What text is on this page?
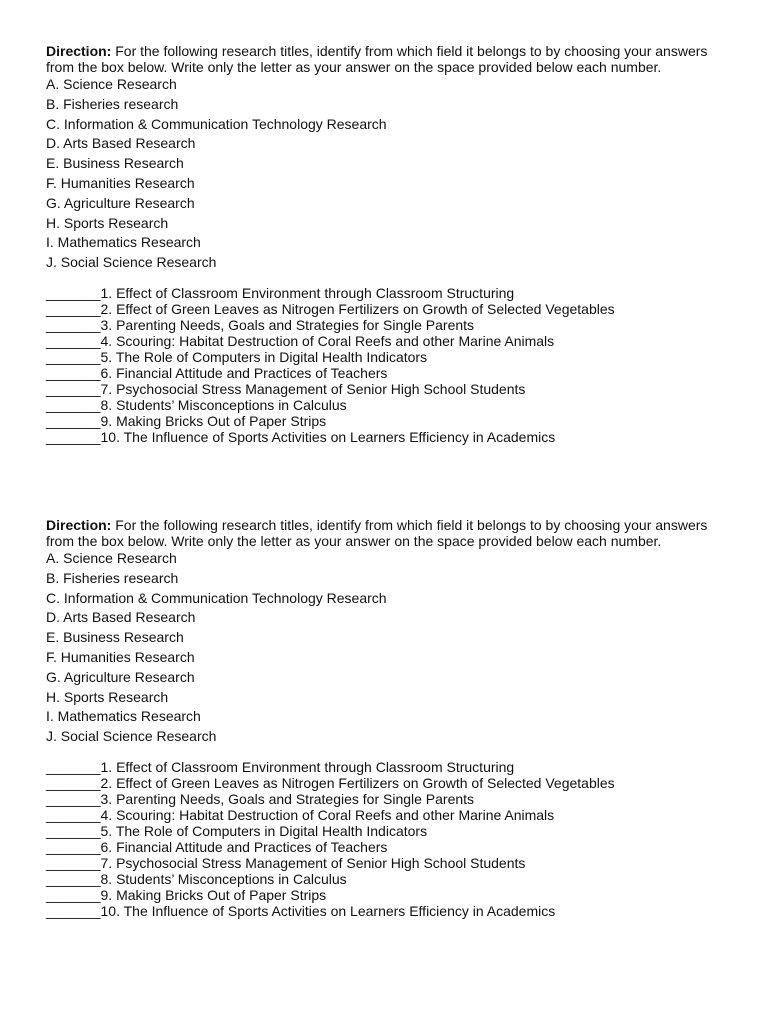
Direction: For the following research titles, identify from which field it belongs to by choosing your answers from the box below. Write only the letter as your answer on the space provided below each number.

A. Science Research
B. Fisheries research
C. Information & Communication Technology Research
D. Arts Based Research
E. Business Research
F. Humanities Research
G. Agriculture Research
H. Sports Research
I. Mathematics Research
J. Social Science Research
_______1. Effect of Classroom Environment through Classroom Structuring
_______2. Effect of Green Leaves as Nitrogen Fertilizers on Growth of Selected Vegetables
_______3. Parenting Needs, Goals and Strategies for Single Parents
_______4. Scouring: Habitat Destruction of Coral Reefs and other Marine Animals
_______5. The Role of Computers in Digital Health Indicators
_______6. Financial Attitude and Practices of Teachers
_______7. Psychosocial Stress Management of Senior High School Students
_______8. Students’ Misconceptions in Calculus
_______9. Making Bricks Out of Paper Strips
_______10. The Influence of Sports Activities on Learners Efficiency in Academics

Direction: For the following research titles, identify from which field it belongs to by choosing your answers from the box below. Write only the letter as your answer on the space provided below each number.

A. Science Research
B. Fisheries research
C. Information & Communication Technology Research
D. Arts Based Research
E. Business Research
F. Humanities Research
G. Agriculture Research
H. Sports Research
I. Mathematics Research
J. Social Science Research
_______1. Effect of Classroom Environment through Classroom Structuring
_______2. Effect of Green Leaves as Nitrogen Fertilizers on Growth of Selected Vegetables
_______3. Parenting Needs, Goals and Strategies for Single Parents
_______4. Scouring: Habitat Destruction of Coral Reefs and other Marine Animals
_______5. The Role of Computers in Digital Health Indicators
_______6. Financial Attitude and Practices of Teachers
_______7. Psychosocial Stress Management of Senior High School Students
_______8. Students’ Misconceptions in Calculus
_______9. Making Bricks Out of Paper Strips
_______10. The Influence of Sports Activities on Learners Efficiency in Academics
